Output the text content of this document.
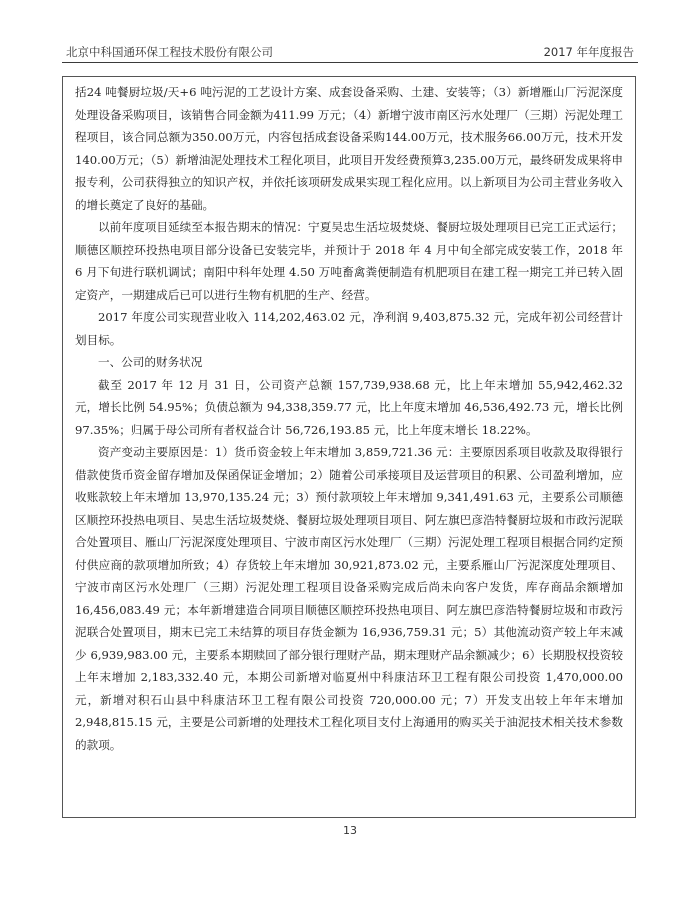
北京中科国通环保工程技术股份有限公司	2017 年年度报告

括24 吨餐厨垃圾/天+6 吨污泥的工艺设计方案、成套设备采购、土建、安装等；（3）新增雁山厂污泥深度处理设备采购项目，该销售合同金额为411.99 万元；（4）新增宁波市南区污水处理厂（三期）污泥处理工程项目，该合同总额为350.00万元，内容包括成套设备采购144.00万元，技术服务66.00万元，技术开发140.00万元；（5）新增油泥处理技术工程化项目，此项目开发经费预算3,235.00万元，最终研发成果将申报专利，公司获得独立的知识产权，并依托该项研发成果实现工程化应用。以上新项目为公司主营业务收入的增长奠定了良好的基础。

以前年度项目延续至本报告期末的情况：宁夏吴忠生活垃圾焚烧、餐厨垃圾处理项目已完工正式运行；顺德区顺控环投热电项目部分设备已安装完毕，并预计于 2018 年 4 月中旬全部完成安装工作，2018 年 6 月下旬进行联机调试；南阳中科年处理 4.50 万吨畜禽粪便制造有机肥项目在建工程一期完工并已转入固定资产，一期建成后已可以进行生物有机肥的生产、经营。

2017 年度公司实现营业收入 114,202,463.02 元，净利润 9,403,875.32 元，完成年初公司经营计划目标。

一、公司的财务状况

截至 2017 年 12 月 31 日，公司资产总额 157,739,938.68 元，比上年末增加 55,942,462.32 元，增长比例 54.95%；负债总额为 94,338,359.77 元，比上年度末增加 46,536,492.73 元，增长比例 97.35%；归属于母公司所有者权益合计 56,726,193.85 元，比上年度末增长 18.22%。

资产变动主要原因是：1）货币资金较上年末增加 3,859,721.36 元：主要原因系项目收款及取得银行借款使货币资金留存增加及保函保证金增加；2）随着公司承接项目及运营项目的积累、公司盈利增加，应收账款较上年末增加 13,970,135.24 元；3）预付款项较上年末增加 9,341,491.63 元，主要系公司顺德区顺控环投热电项目、吴忠生活垃圾焚烧、餐厨垃圾处理项目项目、阿左旗巴彦浩特餐厨垃圾和市政污泥联合处置项目、雁山厂污泥深度处理项目、宁波市南区污水处理厂（三期）污泥处理工程项目根据合同约定预付供应商的款项增加所致；4）存货较上年末增加 30,921,873.02 元，主要系雁山厂污泥深度处理项目、宁波市南区污水处理厂（三期）污泥处理工程项目设备采购完成后尚未向客户发货，库存商品余额增加 16,456,083.49 元；本年新增建造合同项目顺德区顺控环投热电项目、阿左旗巴彦浩特餐厨垃圾和市政污泥联合处置项目，期末已完工未结算的项目存货金额为 16,936,759.31 元；5）其他流动资产较上年末减少 6,939,983.00 元，主要系本期赎回了部分银行理财产品，期末理财产品余额减少；6）长期股权投资较上年末增加 2,183,332.40 元，本期公司新增对临夏州中科康洁环卫工程有限公司投资 1,470,000.00 元，新增对积石山县中科康洁环卫工程有限公司投资 720,000.00 元；7）开发支出较上年年末增加 2,948,815.15 元，主要是公司新增的处理技术工程化项目支付上海通用的购买关于油泥技术相关技术参数的款项。

13
